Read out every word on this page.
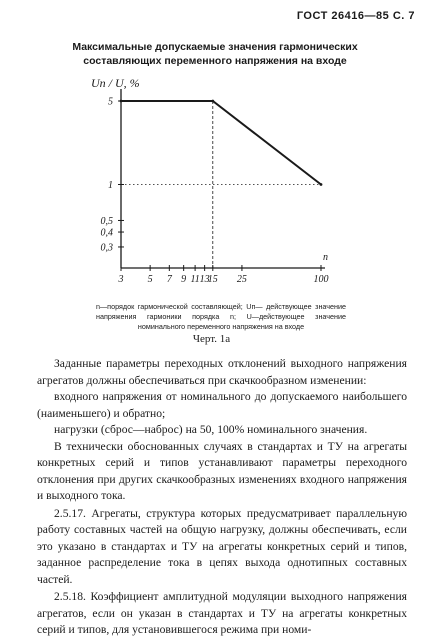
ГОСТ 26416—85 С. 7
Максимальные допускаемые значения гармонических
составляющих переменного напряжения на входе
5
1
0,5
0,4
0,3
3 5 7 9 11 13
15 25	100
Uп / U, %
n
n—порядок гармонической составляющей; Uп— действующее значение напряжения гармоники порядка n; U—действующее значение номинального переменного напряжения на входе
Черт. 1а

Заданные параметры переходных отклонений выходного напряжения агрегатов должны обеспечиваться при скачкообразном изменении:

входного напряжения от номинального до допускаемого наибольшего (наименьшего) и обратно;

нагрузки (сброс—наброс) на 50, 100% номинального значения.

В технически обоснованных случаях в стандартах и ТУ на агрегаты конкретных серий и типов устанавливают параметры переходного отклонения при других скачкообразных изменениях входного напряжения и выходного тока.

2.5.17. Агрегаты, структура которых предусматривает параллельную работу составных частей на общую нагрузку, должны обеспечивать, если это указано в стандартах и ТУ на агрегаты конкретных серий и типов, заданное распределение тока в цепях выхода однотипных составных частей.

2.5.18. Коэффициент амплитудной модуляции выходного напряжения агрегатов, если он указан в стандартах и ТУ на агрегаты конкретных серий и типов, для установившегося режима при номи-
